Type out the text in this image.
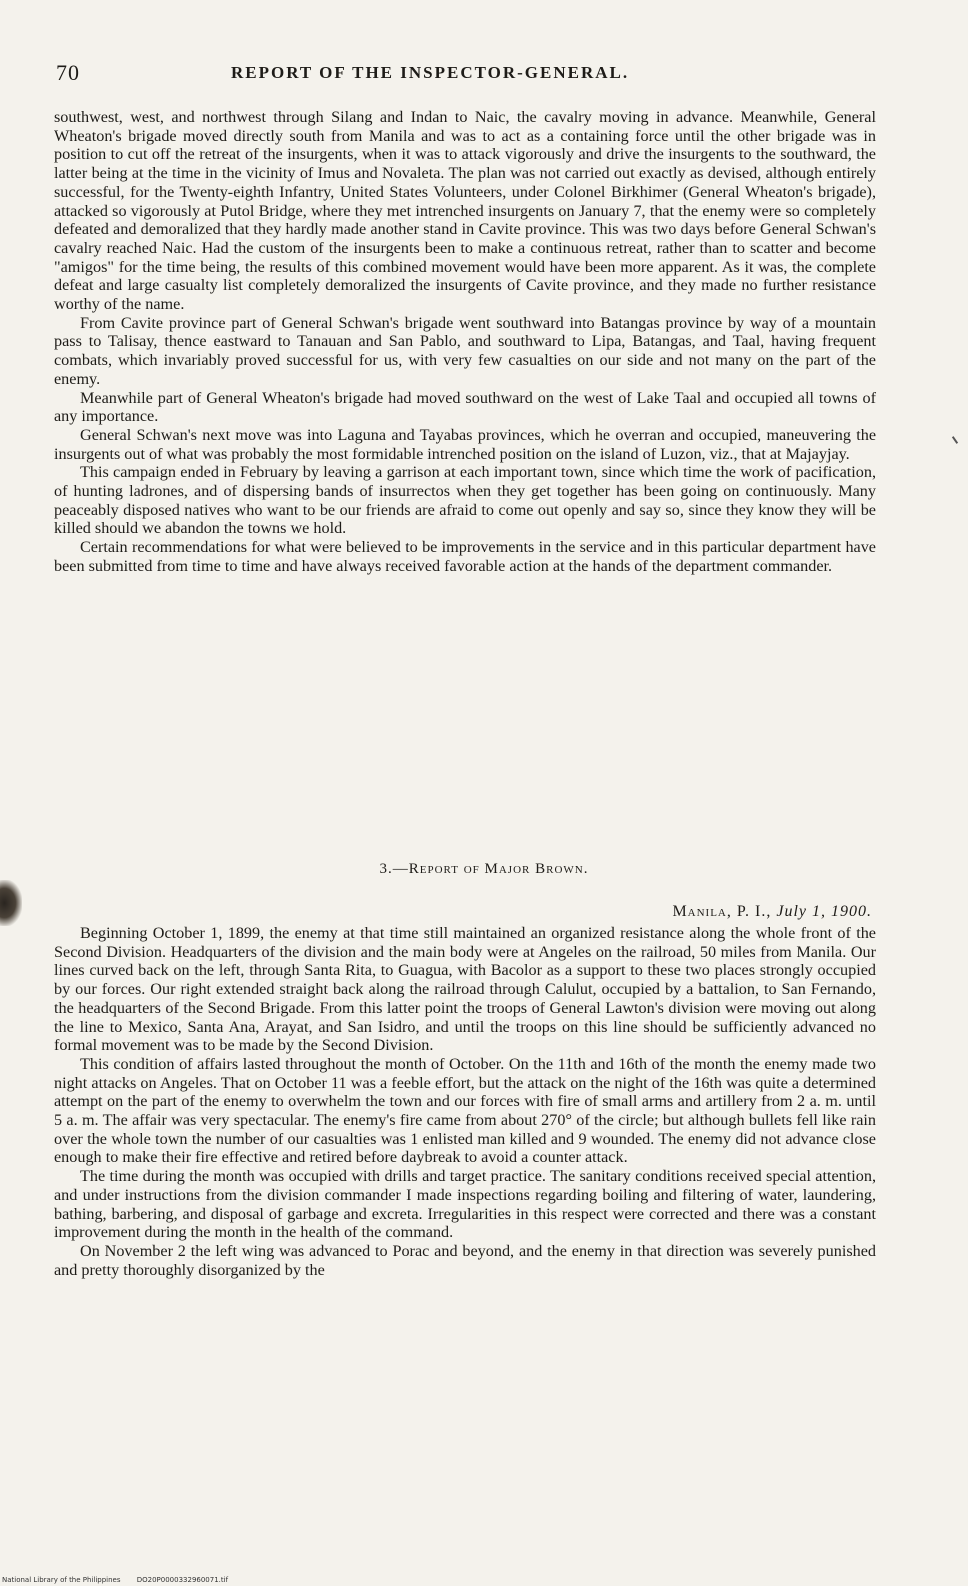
70	REPORT OF THE INSPECTOR-GENERAL.

southwest, west, and northwest through Silang and Indan to Naic, the cavalry moving in advance. Meanwhile, General Wheaton's brigade moved directly south from Manila and was to act as a containing force until the other brigade was in position to cut off the retreat of the insurgents, when it was to attack vigorously and drive the insurgents to the southward, the latter being at the time in the vicinity of Imus and Novaleta. The plan was not carried out exactly as devised, although entirely successful, for the Twenty-eighth Infantry, United States Volunteers, under Colonel Birkhimer (General Wheaton's brigade), attacked so vigorously at Putol Bridge, where they met intrenched insurgents on January 7, that the enemy were so completely defeated and demoralized that they hardly made another stand in Cavite province. This was two days before General Schwan's cavalry reached Naic. Had the custom of the insurgents been to make a continuous retreat, rather than to scatter and become "amigos" for the time being, the results of this combined movement would have been more apparent. As it was, the complete defeat and large casualty list completely demoralized the insurgents of Cavite province, and they made no further resistance worthy of the name.

From Cavite province part of General Schwan's brigade went southward into Batangas province by way of a mountain pass to Talisay, thence eastward to Tanauan and San Pablo, and southward to Lipa, Batangas, and Taal, having frequent combats, which invariably proved successful for us, with very few casualties on our side and not many on the part of the enemy.

Meanwhile part of General Wheaton's brigade had moved southward on the west of Lake Taal and occupied all towns of any importance.

General Schwan's next move was into Laguna and Tayabas provinces, which he overran and occupied, maneuvering the insurgents out of what was probably the most formidable intrenched position on the island of Luzon, viz., that at Majayjay.

This campaign ended in February by leaving a garrison at each important town, since which time the work of pacification, of hunting ladrones, and of dispersing bands of insurrectos when they get together has been going on continuously. Many peaceably disposed natives who want to be our friends are afraid to come out openly and say so, since they know they will be killed should we abandon the towns we hold.

Certain recommendations for what were believed to be improvements in the service and in this particular department have been submitted from time to time and have always received favorable action at the hands of the department commander.

3.—Report of Major Brown.
Manila, P. I., July 1, 1900.

Beginning October 1, 1899, the enemy at that time still maintained an organized resistance along the whole front of the Second Division. Headquarters of the division and the main body were at Angeles on the railroad, 50 miles from Manila. Our lines curved back on the left, through Santa Rita, to Guagua, with Bacolor as a support to these two places strongly occupied by our forces. Our right extended straight back along the railroad through Calulut, occupied by a battalion, to San Fernando, the headquarters of the Second Brigade. From this latter point the troops of General Lawton's division were moving out along the line to Mexico, Santa Ana, Arayat, and San Isidro, and until the troops on this line should be sufficiently advanced no formal movement was to be made by the Second Division.

This condition of affairs lasted throughout the month of October. On the 11th and 16th of the month the enemy made two night attacks on Angeles. That on October 11 was a feeble effort, but the attack on the night of the 16th was quite a determined attempt on the part of the enemy to overwhelm the town and our forces with fire of small arms and artillery from 2 a. m. until 5 a. m. The affair was very spectacular. The enemy's fire came from about 270° of the circle; but although bullets fell like rain over the whole town the number of our casualties was 1 enlisted man killed and 9 wounded. The enemy did not advance close enough to make their fire effective and retired before daybreak to avoid a counter attack.

The time during the month was occupied with drills and target practice. The sanitary conditions received special attention, and under instructions from the division commander I made inspections regarding boiling and filtering of water, laundering, bathing, barbering, and disposal of garbage and excreta. Irregularities in this respect were corrected and there was a constant improvement during the month in the health of the command.

On November 2 the left wing was advanced to Porac and beyond, and the enemy in that direction was severely punished and pretty thoroughly disorganized by the

National Library of the Philippines DO20P0000332960071.tif
